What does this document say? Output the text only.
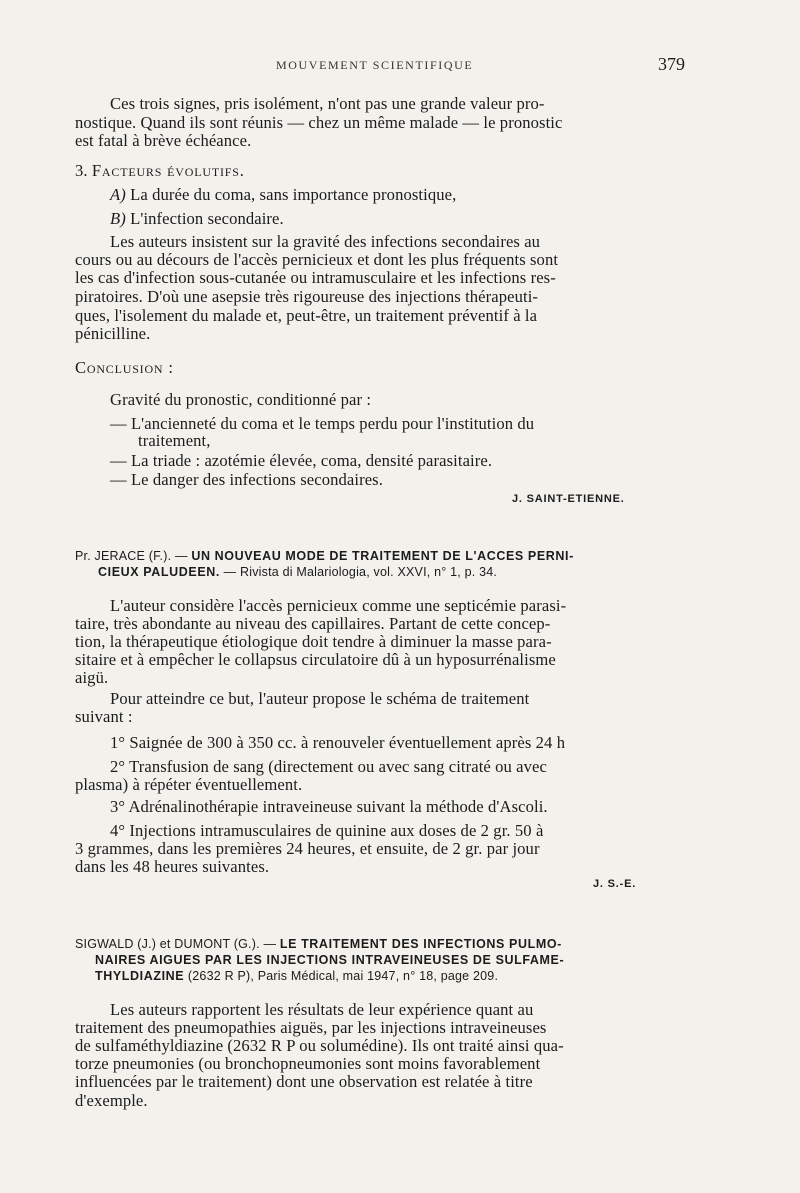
MOUVEMENT SCIENTIFIQUE	379
Ces trois signes, pris isolément, n'ont pas une grande valeur pro-
nostique. Quand ils sont réunis — chez un même malade — le pronostic
est fatal à brève échéance.
3. Facteurs évolutifs.
A) La durée du coma, sans importance pronostique,
B) L'infection secondaire.
Les auteurs insistent sur la gravité des infections secondaires au
cours ou au décours de l'accès pernicieux et dont les plus fréquents sont
les cas d'infection sous-cutanée ou intramusculaire et les infections res-
piratoires. D'où une asepsie très rigoureuse des injections thérapeuti-
ques, l'isolement du malade et, peut-être, un traitement préventif à la
pénicilline.
Conclusion :
Gravité du pronostic, conditionné par :
— L'ancienneté du coma et le temps perdu pour l'institution du
traitement,
— La triade : azotémie élevée, coma, densité parasitaire.
— Le danger des infections secondaires.
J. SAINT-ETIENNE.
Pr. JERACE (F.). — UN NOUVEAU MODE DE TRAITEMENT DE L'ACCES PERNI-
CIEUX PALUDEEN. — Rivista di Malariologia, vol. XXVI, n° 1, p. 34.
L'auteur considère l'accès pernicieux comme une septicémie parasi-
taire, très abondante au niveau des capillaires. Partant de cette concep-
tion, la thérapeutique étiologique doit tendre à diminuer la masse para-
sitaire et à empêcher le collapsus circulatoire dû à un hyposurrénalisme
aigü.
Pour atteindre ce but, l'auteur propose le schéma de traitement
suivant :
1° Saignée de 300 à 350 cc. à renouveler éventuellement après 24 h
2° Transfusion de sang (directement ou avec sang citraté ou avec
plasma) à répéter éventuellement.
3° Adrénalinothérapie intraveineuse suivant la méthode d'Ascoli.
4° Injections intramusculaires de quinine aux doses de 2 gr. 50 à
3 grammes, dans les premières 24 heures, et ensuite, de 2 gr. par jour
dans les 48 heures suivantes.
J. S.-E.
SIGWALD (J.) et DUMONT (G.). — LE TRAITEMENT DES INFECTIONS PULMO-
NAIRES AIGUES PAR LES INJECTIONS INTRAVEINEUSES DE SULFAME-
THYLDIAZINE (2632 R P), Paris Médical, mai 1947, n° 18, page 209.
Les auteurs rapportent les résultats de leur expérience quant au
traitement des pneumopathies aiguës, par les injections intraveineuses
de sulfaméthyldiazine (2632 R P ou solumédine). Ils ont traité ainsi qua-
torze pneumonies (ou bronchopneumonies sont moins favorablement
influencées par le traitement) dont une observation est relatée à titre
d'exemple.
